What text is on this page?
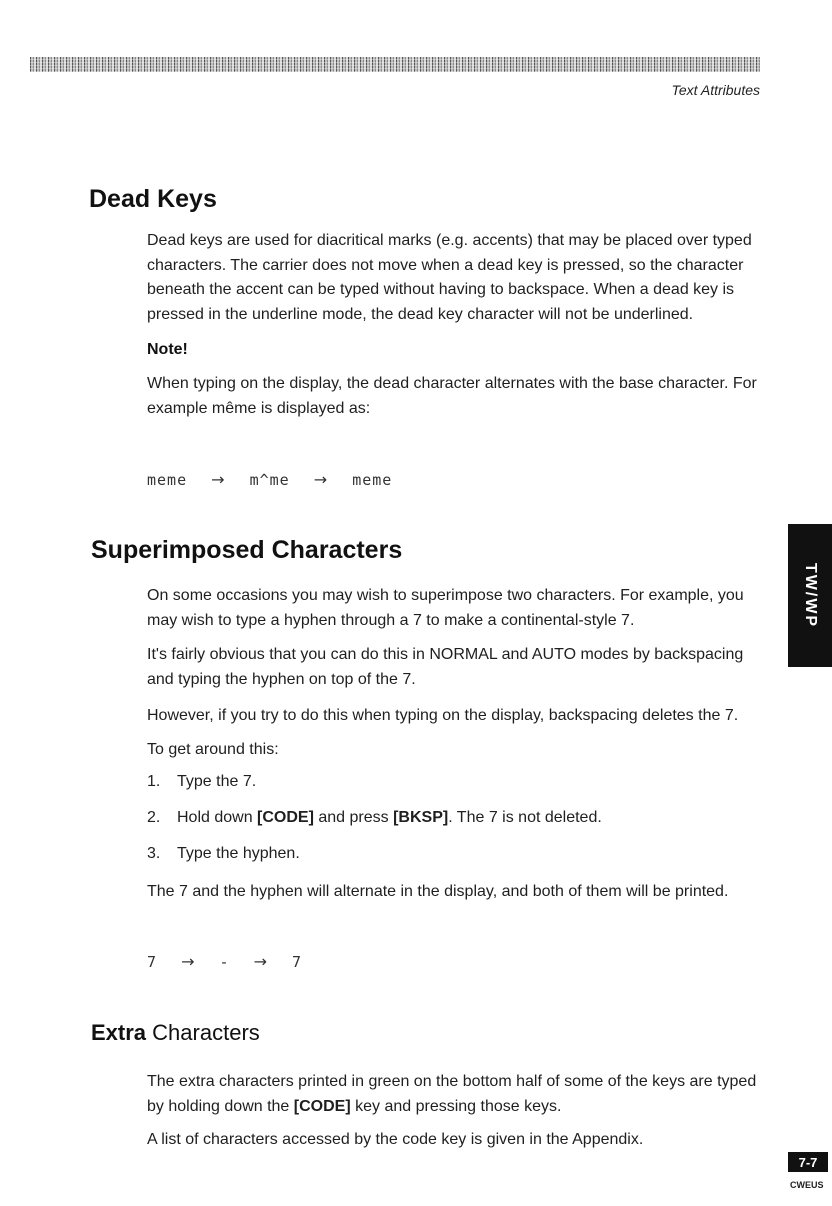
Text Attributes
Dead Keys

Dead keys are used for diacritical marks (e.g. accents) that may be placed over typed characters. The carrier does not move when a dead key is pressed, so the character beneath the accent can be typed without having to backspace. When a dead key is pressed in the underline mode, the dead key character will not be underlined.

Note!

When typing on the display, the dead character alternates with the base character. For example même is displayed as:

meme → m^me → meme
Superimposed Characters

On some occasions you may wish to superimpose two characters. For example, you may wish to type a hyphen through a 7 to make a continental-style 7.

It's fairly obvious that you can do this in NORMAL and AUTO modes by backspacing and typing the hyphen on top of the 7.

However, if you try to do this when typing on the display, backspacing deletes the 7.

To get around this:

1. Type the 7.
2. Hold down [CODE] and press [BKSP]. The 7 is not deleted.
3. Type the hyphen.

The 7 and the hyphen will alternate in the display, and both of them will be printed.

7 → - → 7
Extra Characters

The extra characters printed in green on the bottom half of some of the keys are typed by holding down the [CODE] key and pressing those keys.

A list of characters accessed by the code key is given in the Appendix.

TW/WP
7-7
CWEUS
